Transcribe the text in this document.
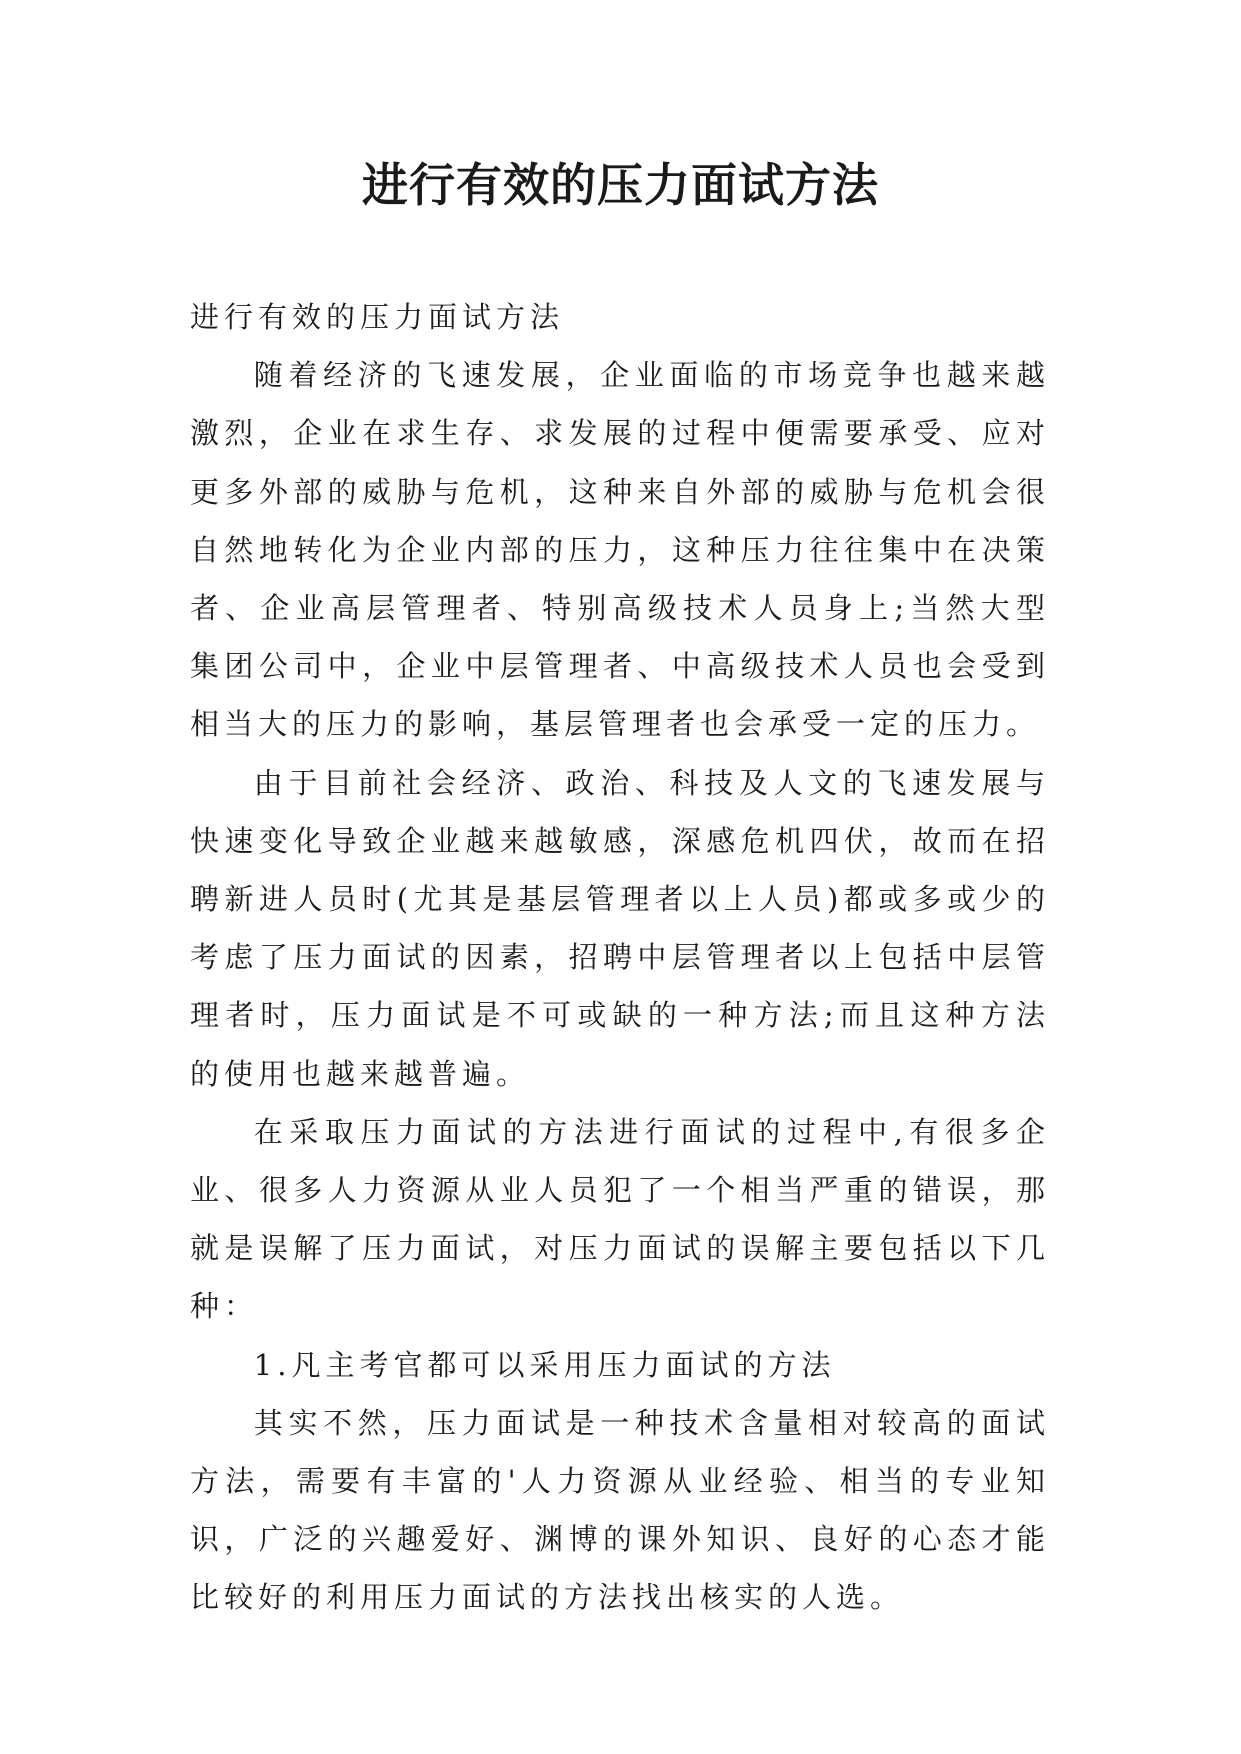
进行有效的压力面试方法

进行有效的压力面试方法

随着经济的飞速发展，企业面临的市场竞争也越来越激烈，企业在求生存、求发展的过程中便需要承受、应对更多外部的威胁与危机，这种来自外部的威胁与危机会很自然地转化为企业内部的压力，这种压力往往集中在决策者、企业高层管理者、特别高级技术人员身上;当然大型集团公司中，企业中层管理者、中高级技术人员也会受到相当大的压力的影响，基层管理者也会承受一定的压力。

由于目前社会经济、政治、科技及人文的飞速发展与快速变化导致企业越来越敏感，深感危机四伏，故而在招聘新进人员时(尤其是基层管理者以上人员)都或多或少的考虑了压力面试的因素，招聘中层管理者以上包括中层管理者时，压力面试是不可或缺的一种方法;而且这种方法的使用也越来越普遍。

在采取压力面试的方法进行面试的过程中,有很多企业、很多人力资源从业人员犯了一个相当严重的错误，那就是误解了压力面试，对压力面试的误解主要包括以下几种：

1.凡主考官都可以采用压力面试的方法

其实不然，压力面试是一种技术含量相对较高的面试方法，需要有丰富的'人力资源从业经验、相当的专业知识，广泛的兴趣爱好、渊博的课外知识、良好的心态才能比较好的利用压力面试的方法找出核实的人选。
